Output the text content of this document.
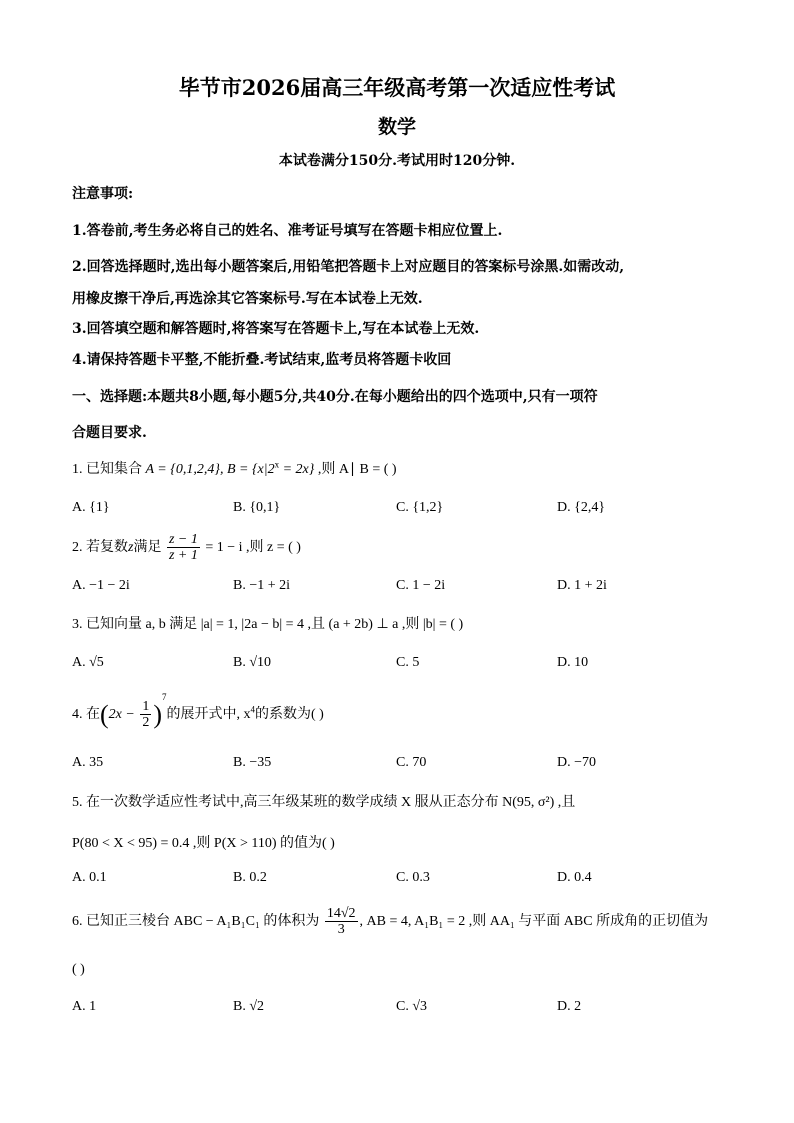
毕节市2026届高三年级高考第一次适应性考试
数学
本试卷满分150分.考试用时120分钟.
注意事项:
1.答卷前,考生务必将自己的姓名、准考证号填写在答题卡相应位置上.
2.回答选择题时,选出每小题答案后,用铅笔把答题卡上对应题目的答案标号涂黑.如需改动,
用橡皮擦干净后,再选涂其它答案标号.写在本试卷上无效.
3.回答填空题和解答题时,将答案写在答题卡上,写在本试卷上无效.
4.请保持答题卡平整,不能折叠.考试结束,监考员将答题卡收回
一、选择题:本题共8小题,每小题5分,共40分.在每小题给出的四个选项中,只有一项符
合题目要求.
1. 已知集合 A = {0,1,2,4}, $B = \{x|2^x = 2x\}$ ,则 A∣ B = ( )
A. {1}	B. {0,1}	C. {1,2}	D. {2,4}
2. 若复数z满足 $\frac{z - 1}{z + 1} = 1 - i$ ,则 z = ( )
A. −1 − 2i	B. −1 + 2i	C. 1 − 2i	D. 1 + 2i
3. 已知向量 a, b 满足 |a| = 1, |2a − b| = 4 ,且 (a + 2b) ⊥ a ,则 |b| = ( )
A. √5	B. √10	C. 5	D. 10
4. 在$(2x - \frac{1}{2} )^7$的展开式中, $x^4$的系数为( )
A. 35	B. −35	C. 70	D. −70
5. 在一次数学适应性考试中,高三年级某班的数学成绩 X 服从正态分布 N(95, σ²) ,且
P(80 < X < 95) = 0.4 ,则 P(X > 110) 的值为( )
A. 0.1	B. 0.2	C. 0.3	D. 0.4
6. 已知正三棱台 ABC − A₁B₁C₁ 的体积为 $\frac{14√2}{3}$ , AB = 4, A₁B₁ = 2 ,则 AA₁ 与平面 ABC 所成角的正切值为
( )
A. 1	B. √2	C. √3	D. 2
